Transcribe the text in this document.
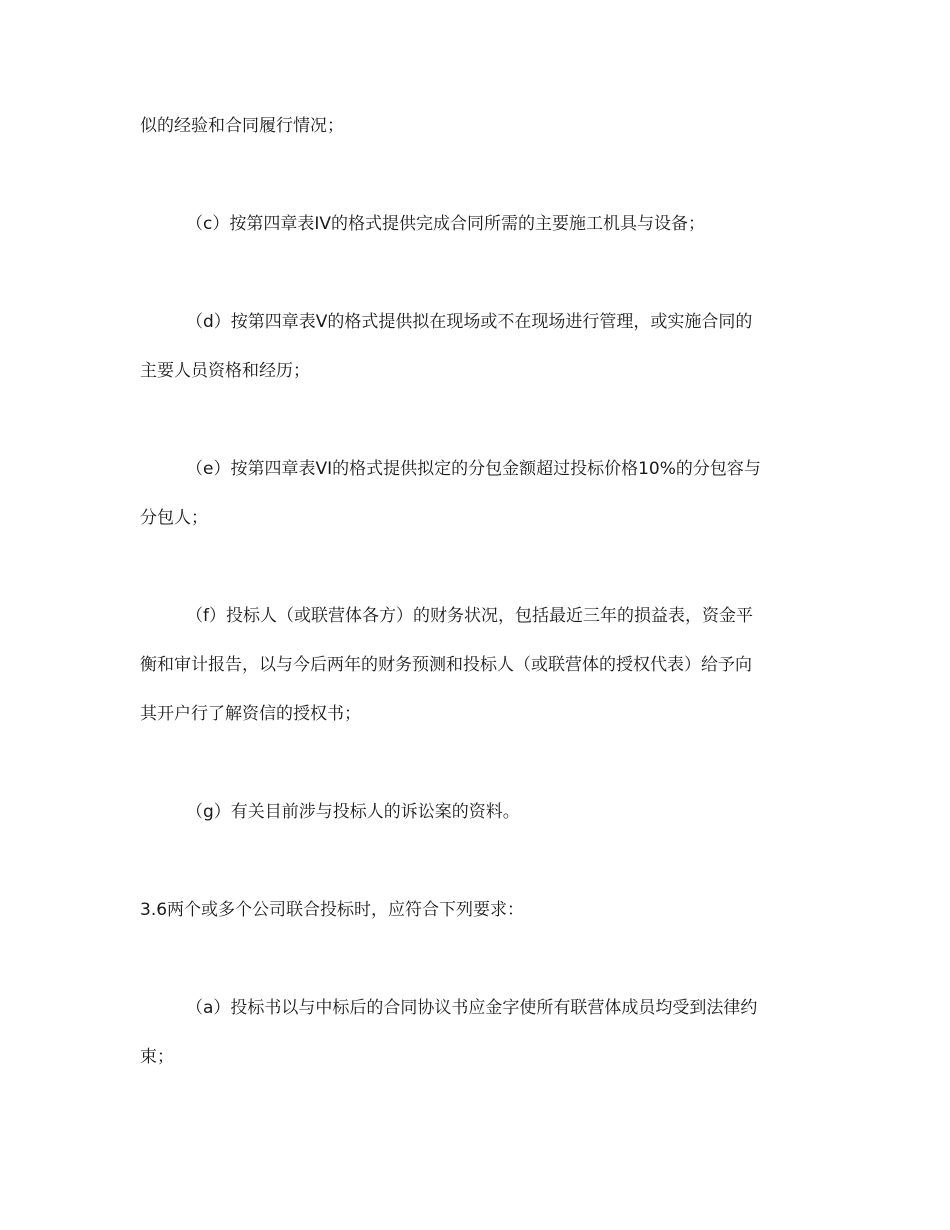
似的经验和合同履行情况；
（c）按第四章表IV的格式提供完成合同所需的主要施工机具与设备；
（d）按第四章表Ⅴ的格式提供拟在现场或不在现场进行管理，或实施合同的
主要人员资格和经历；
（e）按第四章表VI的格式提供拟定的分包金额超过投标价格10%的分包容与
分包人；
（f）投标人（或联营体各方）的财务状况，包括最近三年的损益表，资金平
衡和审计报告，以与今后两年的财务预测和投标人（或联营体的授权代表）给予向
其开户行了解资信的授权书；
（g）有关目前涉与投标人的诉讼案的资料。
3.6两个或多个公司联合投标时，应符合下列要求：
（a）投标书以与中标后的合同协议书应金字使所有联营体成员均受到法律约
束；
